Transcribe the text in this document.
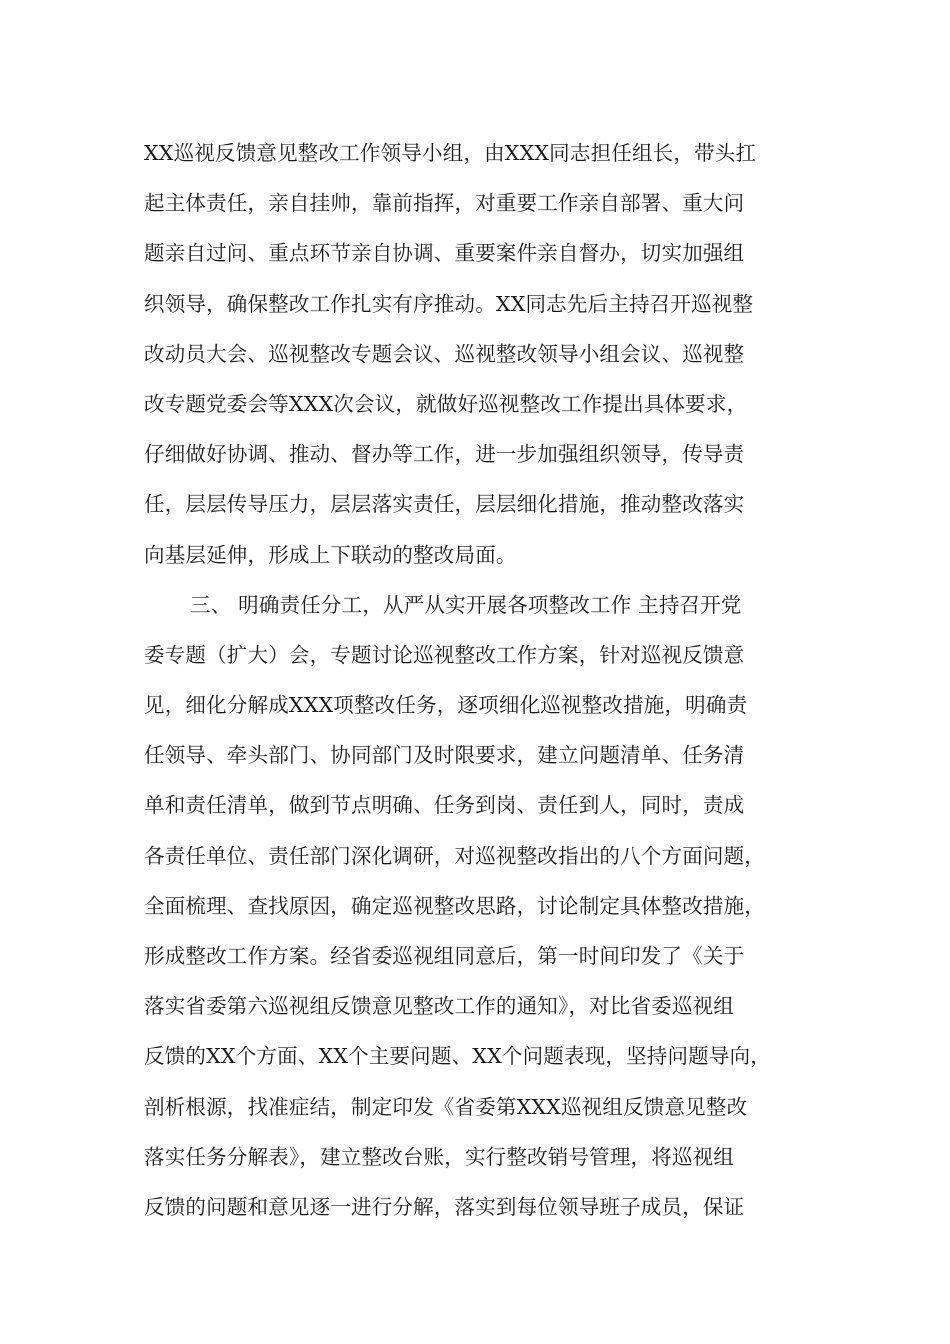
XX巡视反馈意见整改工作领导小组，由XXX同志担任组长，带头扛
起主体责任，亲自挂帅，靠前指挥，对重要工作亲自部署、重大问
题亲自过问、重点环节亲自协调、重要案件亲自督办，切实加强组
织领导，确保整改工作扎实有序推动。XX同志先后主持召开巡视整
改动员大会、巡视整改专题会议、巡视整改领导小组会议、巡视整
改专题党委会等XXX次会议，就做好巡视整改工作提出具体要求，
仔细做好协调、推动、督办等工作，进一步加强组织领导，传导责
任，层层传导压力，层层落实责任，层层细化措施，推动整改落实
向基层延伸，形成上下联动的整改局面。
三、 明确责任分工，从严从实开展各项整改工作 主持召开党
委专题（扩大）会，专题讨论巡视整改工作方案，针对巡视反馈意
见，细化分解成XXX项整改任务，逐项细化巡视整改措施，明确责
任领导、牵头部门、协同部门及时限要求，建立问题清单、任务清
单和责任清单，做到节点明确、任务到岗、责任到人，同时，责成
各责任单位、责任部门深化调研，对巡视整改指出的八个方面问题，
全面梳理、查找原因，确定巡视整改思路，讨论制定具体整改措施，
形成整改工作方案。经省委巡视组同意后，第一时间印发了《关于
落实省委第六巡视组反馈意见整改工作的通知》，对比省委巡视组
反馈的XX个方面、XX个主要问题、XX个问题表现，坚持问题导向，
剖析根源，找准症结，制定印发《省委第XXX巡视组反馈意见整改
落实任务分解表》，建立整改台账，实行整改销号管理，将巡视组
反馈的问题和意见逐一进行分解，落实到每位领导班子成员，保证
